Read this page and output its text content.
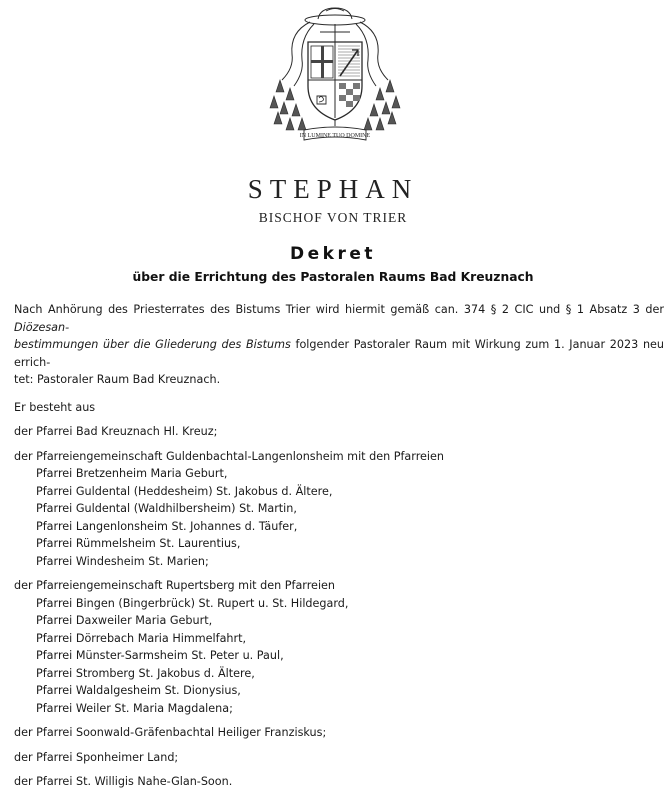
IN LUMINE TUO DOMINE
STEPHAN
BISCHOF VON TRIER
Dekret
über die Errichtung des Pastoralen Raums Bad Kreuznach

Nach Anhörung des Priesterrates des Bistums Trier wird hiermit gemäß can. 374 § 2 CIC und § 1 Absatz 3 der Diözesan-
bestimmungen über die Gliederung des Bistums folgender Pastoraler Raum mit Wirkung zum 1. Januar 2023 neu errich-
tet: Pastoraler Raum Bad Kreuznach.

Er besteht aus
der Pfarrei Bad Kreuznach Hl. Kreuz;
der Pfarreiengemeinschaft Guldenbachtal-Langenlonsheim mit den Pfarreien
Pfarrei Bretzenheim Maria Geburt,
Pfarrei Guldental (Heddesheim) St. Jakobus d. Ältere,
Pfarrei Guldental (Waldhilbersheim) St. Martin,
Pfarrei Langenlonsheim St. Johannes d. Täufer,
Pfarrei Rümmelsheim St. Laurentius,
Pfarrei Windesheim St. Marien;
der Pfarreiengemeinschaft Rupertsberg mit den Pfarreien
Pfarrei Bingen (Bingerbrück) St. Rupert u. St. Hildegard,
Pfarrei Daxweiler Maria Geburt,
Pfarrei Dörrebach Maria Himmelfahrt,
Pfarrei Münster-Sarmsheim St. Peter u. Paul,
Pfarrei Stromberg St. Jakobus d. Ältere,
Pfarrei Waldalgesheim St. Dionysius,
Pfarrei Weiler St. Maria Magdalena;
der Pfarrei Soonwald-Gräfenbachtal Heiliger Franziskus;
der Pfarrei Sponheimer Land;
der Pfarrei St. Willigis Nahe-Glan-Soon.
